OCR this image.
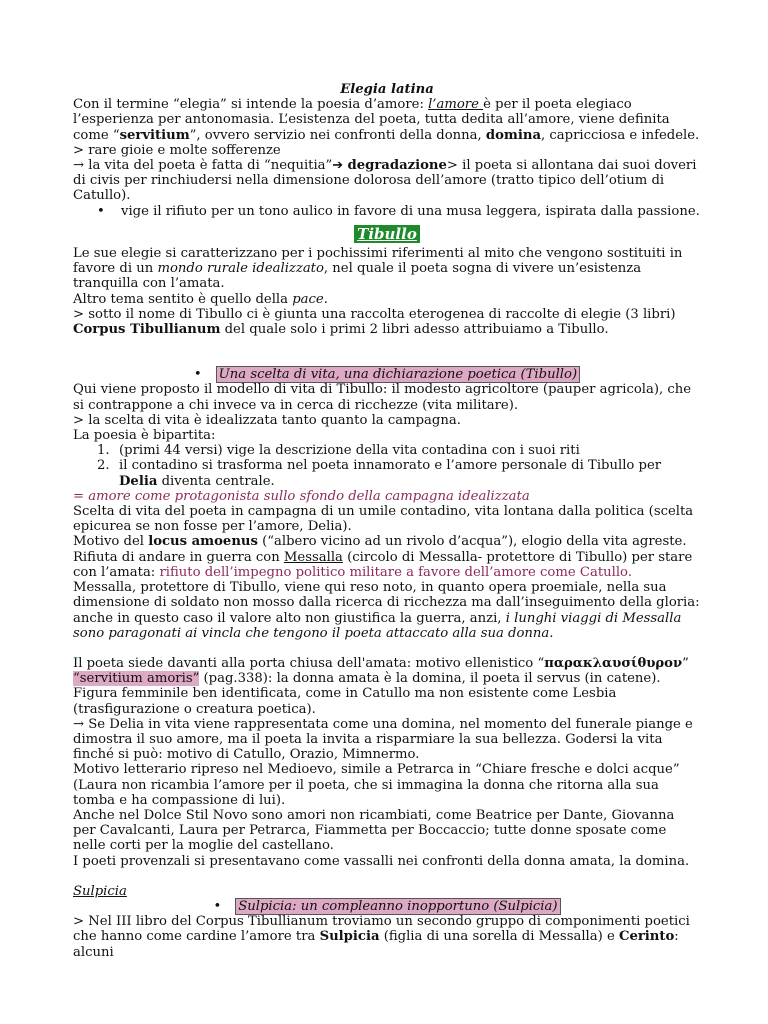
Elegia latina

Con il termine “elegia” si intende la poesia d’amore: l’amore è per il poeta elegiaco l’esperienza per antonomasia. L’esistenza del poeta, tutta dedita all’amore, viene definita come “servitium”, ovvero servizio nei confronti della donna, domina, capricciosa e infedele.

> rare gioie e molte sofferenze

→ la vita del poeta è fatta di “nequitia”➔ degradazione> il poeta si allontana dai suoi doveri di civis per rinchiudersi nella dimensione dolorosa dell’amore (tratto tipico dell’otium di Catullo).

• vige il rifiuto per un tono aulico in favore di una musa leggera, ispirata dalla passione.

Tibullo

Le sue elegie si caratterizzano per i pochissimi riferimenti al mito che vengono sostituiti in favore di un mondo rurale idealizzato, nel quale il poeta sogna di vivere un’esistenza tranquilla con l’amata.

Altro tema sentito è quello della pace.

> sotto il nome di Tibullo ci è giunta una raccolta eterogenea di raccolte di elegie (3 libri) Corpus Tibullianum del quale solo i primi 2 libri adesso attribuiamo a Tibullo.

• Una scelta di vita, una dichiarazione poetica (Tibullo)

Qui viene proposto il modello di vita di Tibullo: il modesto agricoltore (pauper agricola), che si contrappone a chi invece va in cerca di ricchezze (vita militare).

> la scelta di vita è idealizzata tanto quanto la campagna.

La poesia è bipartita:

1. (primi 44 versi) vige la descrizione della vita contadina con i suoi riti

2. il contadino si trasforma nel poeta innamorato e l’amore personale di Tibullo per Delia diventa centrale.

= amore come protagonista sullo sfondo della campagna idealizzata

Scelta di vita del poeta in campagna di un umile contadino, vita lontana dalla politica (scelta epicurea se non fosse per l’amore, Delia).

Motivo del locus amoenus (“albero vicino ad un rivolo d’acqua”), elogio della vita agreste.

Rifiuta di andare in guerra con Messalla (circolo di Messalla- protettore di Tibullo) per stare con l’amata: rifiuto dell’impegno politico militare a favore dell’amore come Catullo.

Messalla, protettore di Tibullo, viene qui reso noto, in quanto opera proemiale, nella sua dimensione di soldato non mosso dalla ricerca di ricchezza ma dall’inseguimento della gloria: anche in questo caso il valore alto non giustifica la guerra, anzi, i lunghi viaggi di Messalla sono paragonati ai vincla che tengono il poeta attaccato alla sua donna.

Il poeta siede davanti alla porta chiusa dell'amata: motivo ellenistico “παρακλαυσίθυρον”

“servitium amoris” (pag.338): la donna amata è la domina, il poeta il servus (in catene).

Figura femminile ben identificata, come in Catullo ma non esistente come Lesbia (trasfigurazione o creatura poetica).

→ Se Delia in vita viene rappresentata come una domina, nel momento del funerale piange e dimostra il suo amore, ma il poeta la invita a risparmiare la sua bellezza. Godersi la vita finché si può: motivo di Catullo, Orazio, Mimnermo.

Motivo letterario ripreso nel Medioevo, simile a Petrarca in “Chiare fresche e dolci acque” (Laura non ricambia l’amore per il poeta, che si immagina la donna che ritorna alla sua tomba e ha compassione di lui).

Anche nel Dolce Stil Novo sono amori non ricambiati, come Beatrice per Dante, Giovanna per Cavalcanti, Laura per Petrarca, Fiammetta per Boccaccio; tutte donne sposate come nelle corti per la moglie del castellano.

I poeti provenzali si presentavano come vassalli nei confronti della donna amata, la domina.

Sulpicia

• Sulpicia: un compleanno inopportuno (Sulpicia)

> Nel III libro del Corpus Tibullianum troviamo un secondo gruppo di componimenti poetici che hanno come cardine l’amore tra Sulpicia (figlia di una sorella di Messalla) e Cerinto: alcuni
